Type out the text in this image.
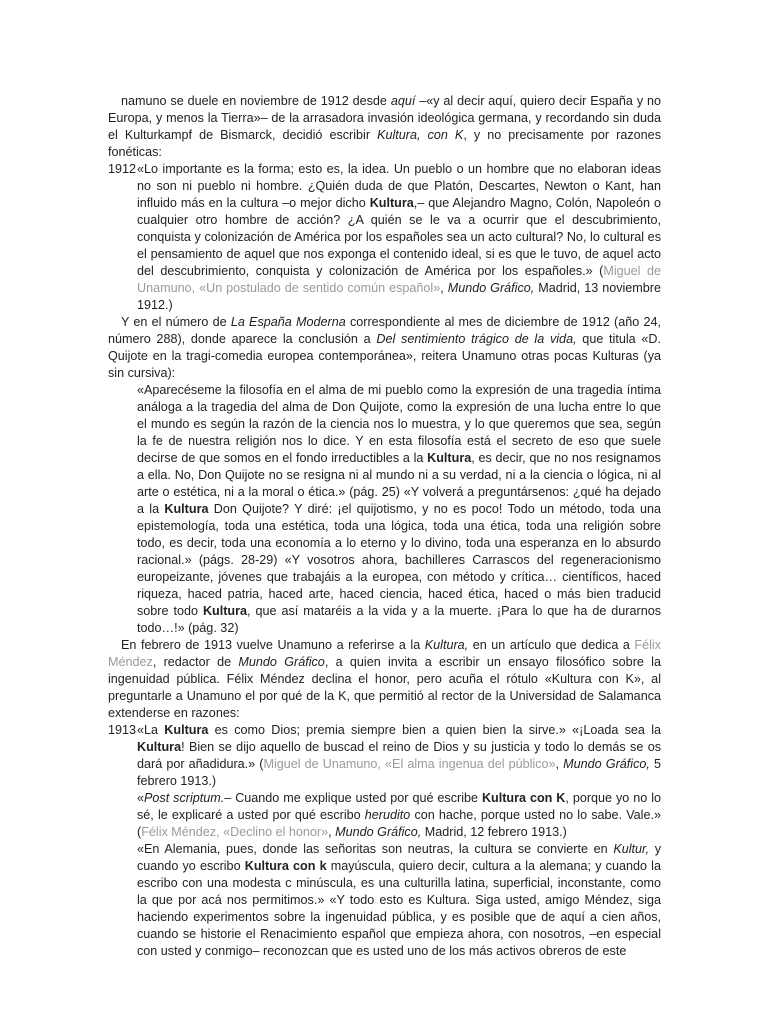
namuno se duele en noviembre de 1912 desde aquí –«y al decir aquí, quiero decir España y no Europa, y menos la Tierra»– de la arrasadora invasión ideológica germana, y recordando sin duda el Kulturkampf de Bismarck, decidió escribir Kultura, con K, y no precisamente por razones fonéticas:

1912 «Lo importante es la forma; esto es, la idea. Un pueblo o un hombre que no elaboran ideas no son ni pueblo ni hombre. ¿Quién duda de que Platón, Descartes, Newton o Kant, han influido más en la cultura –o mejor dicho Kultura,– que Alejandro Magno, Colón, Napoleón o cualquier otro hombre de acción? ¿A quién se le va a ocurrir que el descubrimiento, conquista y colonización de América por los españoles sea un acto cultural? No, lo cultural es el pensamiento de aquel que nos exponga el contenido ideal, si es que le tuvo, de aquel acto del descubrimiento, conquista y colonización de América por los españoles.» (Miguel de Unamuno, «Un postulado de sentido común español», Mundo Gráfico, Madrid, 13 noviembre 1912.)

Y en el número de La España Moderna correspondiente al mes de diciembre de 1912 (año 24, número 288), donde aparece la conclusión a Del sentimiento trágico de la vida, que titula «D. Quijote en la tragi-comedia europea contemporánea», reitera Unamuno otras pocas Kulturas (ya sin cursiva):

«Aparecéseme la filosofía en el alma de mi pueblo como la expresión de una tragedia íntima análoga a la tragedia del alma de Don Quijote, como la expresión de una lucha entre lo que el mundo es según la razón de la ciencia nos lo muestra, y lo que queremos que sea, según la fe de nuestra religión nos lo dice. Y en esta filosofía está el secreto de eso que suele decirse de que somos en el fondo irreductibles a la Kultura, es decir, que no nos resignamos a ella. No, Don Quijote no se resigna ni al mundo ni a su verdad, ni a la ciencia o lógica, ni al arte o estética, ni a la moral o ética.» (pág. 25) «Y volverá a preguntársenos: ¿qué ha dejado a la Kultura Don Quijote? Y diré: ¡el quijotismo, y no es poco! Todo un método, toda una epistemología, toda una estética, toda una lógica, toda una ética, toda una religión sobre todo, es decir, toda una economía a lo eterno y lo divino, toda una esperanza en lo absurdo racional.» (págs. 28-29) «Y vosotros ahora, bachilleres Carrascos del regeneracionismo europeizante, jóvenes que trabajáis a la europea, con método y crítica… científicos, haced riqueza, haced patria, haced arte, haced ciencia, haced ética, haced o más bien traducid sobre todo Kultura, que así mataréis a la vida y a la muerte. ¡Para lo que ha de durarnos todo…!» (pág. 32)

En febrero de 1913 vuelve Unamuno a referirse a la Kultura, en un artículo que dedica a Félix Méndez, redactor de Mundo Gráfico, a quien invita a escribir un ensayo filosófico sobre la ingenuidad pública. Félix Méndez declina el honor, pero acuña el rótulo «Kultura con K», al preguntarle a Unamuno el por qué de la K, que permitió al rector de la Universidad de Salamanca extenderse en razones:

1913 «La Kultura es como Dios; premia siempre bien a quien bien la sirve.» «¡Loada sea la Kultura! Bien se dijo aquello de buscad el reino de Dios y su justicia y todo lo demás se os dará por añadidura.» (Miguel de Unamuno, «El alma ingenua del público», Mundo Gráfico, 5 febrero 1913.)

«Post scriptum.– Cuando me explique usted por qué escribe Kultura con K, porque yo no lo sé, le explicaré a usted por qué escribo herudito con hache, porque usted no lo sabe. Vale.» (Félix Méndez, «Declino el honor», Mundo Gráfico, Madrid, 12 febrero 1913.)

«En Alemania, pues, donde las señoritas son neutras, la cultura se convierte en Kultur, y cuando yo escribo Kultura con k mayúscula, quiero decir, cultura a la alemana; y cuando la escribo con una modesta c minúscula, es una culturilla latina, superficial, inconstante, como la que por acá nos permitimos.» «Y todo esto es Kultura. Siga usted, amigo Méndez, siga haciendo experimentos sobre la ingenuidad pública, y es posible que de aquí a cien años, cuando se historie el Renacimiento español que empieza ahora, con nosotros, –en especial con usted y conmigo– reconozcan que es usted uno de los más activos obreros de este
